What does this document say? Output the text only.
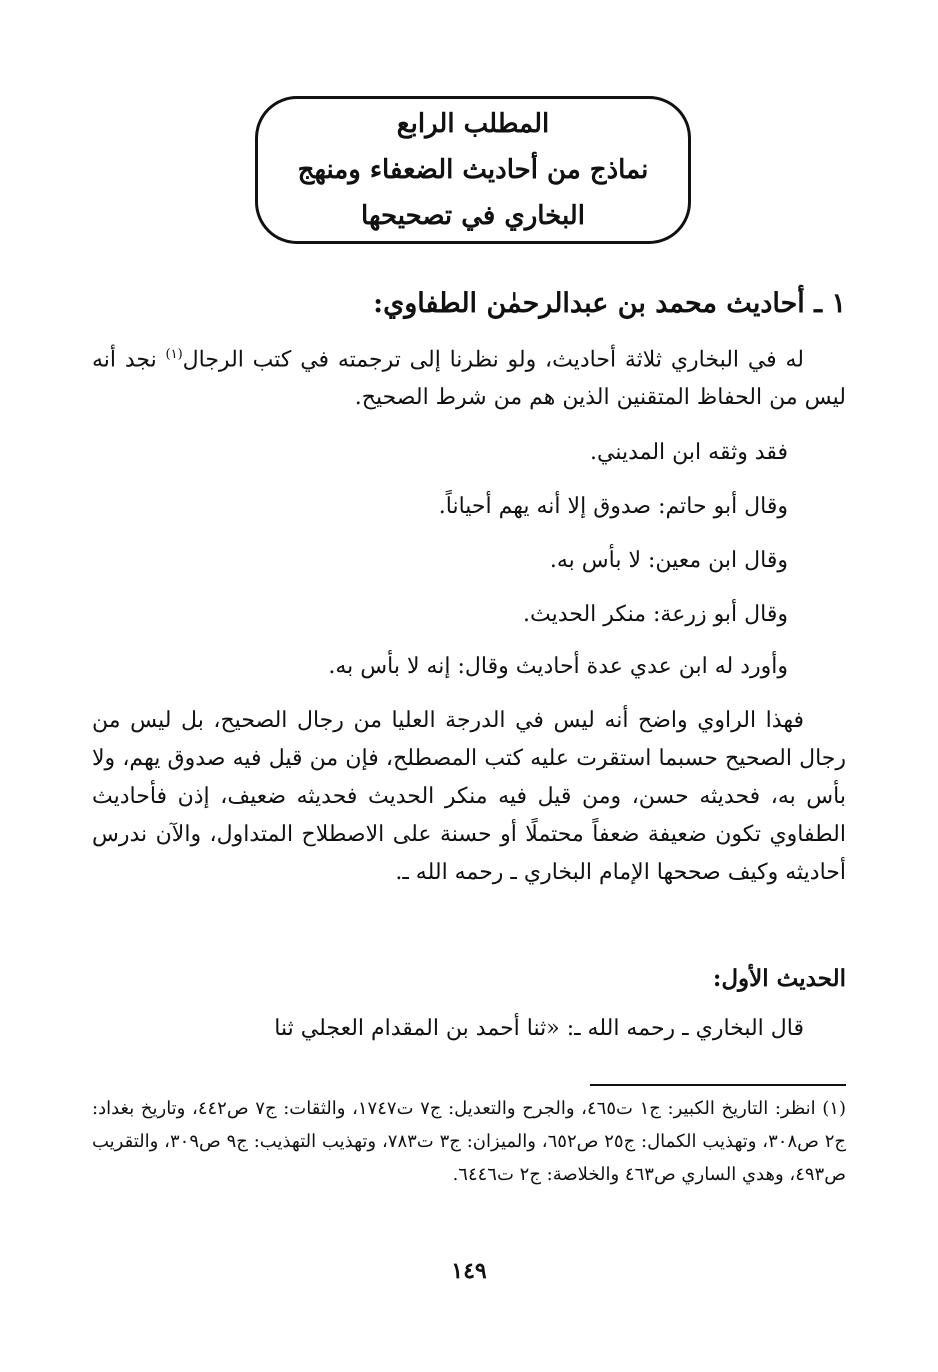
المطلب الرابع
نماذج من أحاديث الضعفاء ومنهج
البخاري في تصحيحها
١ ـ أحاديث محمد بن عبدالرحمٰن الطفاوي:
له في البخاري ثلاثة أحاديث، ولو نظرنا إلى ترجمته في كتب الرجال$^{(١)}$ نجد أنه ليس من الحفاظ المتقنين الذين هم من شرط الصحيح.
فقد وثقه ابن المديني.
وقال أبو حاتم: صدوق إلا أنه يهم أحياناً.
وقال ابن معين: لا بأس به.
وقال أبو زرعة: منكر الحديث.
وأورد له ابن عدي عدة أحاديث وقال: إنه لا بأس به.
فهذا الراوي واضح أنه ليس في الدرجة العليا من رجال الصحيح، بل ليس من رجال الصحيح حسبما استقرت عليه كتب المصطلح، فإن من قيل فيه صدوق يهم، ولا بأس به، فحديثه حسن، ومن قيل فيه منكر الحديث فحديثه ضعيف، إذن فأحاديث الطفاوي تكون ضعيفة ضعفاً محتملًا أو حسنة على الاصطلاح المتداول، والآن ندرس أحاديثه وكيف صححها الإمام البخاري ـ رحمه الله ـ.
الحديث الأول:
قال البخاري ـ رحمه الله ـ: «ثنا أحمد بن المقدام العجلي ثنا
(١) انظر: التاريخ الكبير: ج١ ت٤٦٥، والجرح والتعديل: ج٧ ت١٧٤٧، والثقات: ج٧ ص٤٤٢، وتاريخ بغداد: ج٢ ص٣٠٨، وتهذيب الكمال: ج٢٥ ص٦٥٢، والميزان: ج٣ ت٧٨٣، وتهذيب التهذيب: ج٩ ص٣٠٩، والتقريب ص٤٩٣، وهدي الساري ص٤٦٣ والخلاصة: ج٢ ت٦٤٤٦.
١٤٩
